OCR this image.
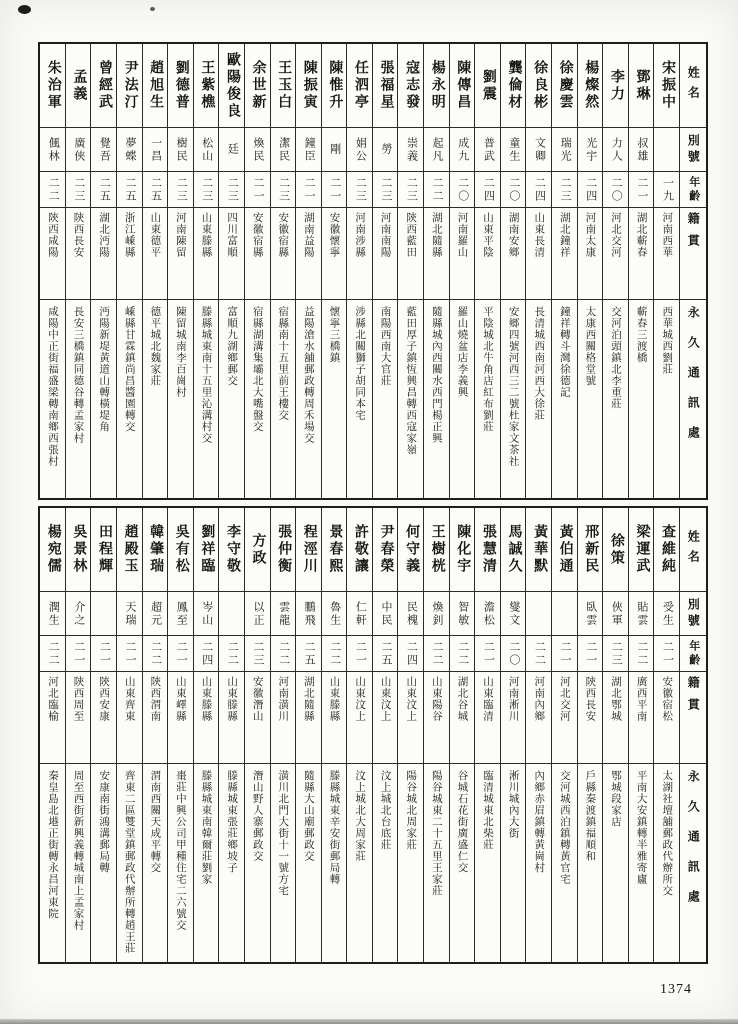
姓名
別號
年齡
籍貫
永久通訊處
宋振中
一九
河南西華
西華城西劉莊
鄧琳
叔雄
二一
湖北蘄春
蘄春三渡橋
李力
力人
二〇
河北交河
交河泊頭鎮北李重莊
楊燦然
光宇
二四
河南太康
太康西關格堂號
徐慶雲
瑞光
二三
湖北鐘祥
鐘祥轉斗灣徐德記
徐良彬
文卿
二四
山東長清
長清城西南河西大徐莊
龔倫材
童生
二〇
湖南安鄉
安鄉四號河西三二號杜家文茶社
劉震
普武
二四
山東平陰
平陰城北牛角店紅布劉莊
陳傳昌
成九
二〇
河南羅山
羅山燒盆店李義興
楊永明
起凡
二二
湖北隨縣
隨縣城內西關水西門楊正興
寇志發
崇義
二三
陝西藍田
藍田厚子鎮恆興昌轉西寇家嶺
張福星
勞
二三
河南南陽
南陽西南大官莊
任泗亭
娟公
二三
河南涉縣
涉縣北關獅子胡同本宅
陳惟升
剛
二一
安徽懷寧
懷寧三橋鎮
陳振寅
鐘臣
二一
湖南益陽
益陽滄水舖郵政轉周禾場交
王玉白
潔民
二三
安徽宿縣
宿縣南十五里前王樓交
余世新
煥民
二一
安徽宿縣
宿縣湖溝集壩北大嘴盤交
歐陽俊良
廷
二三
四川富順
富順九湖鄉郵交
王紫樵
松山
二三
山東滕縣
滕縣城東南十五里沁溝村交
劉德普
樹民
二三
河南陳留
陳留城南李百崗村
趙旭生
一昌
二五
山東德平
德平城北魏家莊
尹法汀
夢蝶
二五
浙江嵊縣
嵊縣甘霖鎮尚昌醬園轉交
曾經武
覺吾
二五
湖北沔陽
沔陽新堤黃道山轉橫堤角
孟義
廣俠
二三
陝西長安
長安三橋鎮同德谷轉孟家村
朱治軍
偑林
二二
陝西咸陽
咸陽中正街福盛梁轉南鄉西張村
姓名
別號
年齡
籍貫
永久通訊處
查維純
受生
二一
安徽宿松
太湖社壇舖郵政代辦所交
梁運武
貼雲
二二
廣西平南
平南大安鎮轉半雅寄廬
徐策
俠軍
二三
湖北鄂城
鄂城段家店
邢新民
臥雲
二一
陝西長安
戶縣秦渡鎮福順和
黃伯通
二一
河北交河
交河城西泊鎮轉黃官宅
黃華默
二二
河南內鄉
內鄉赤眉鎮轉黃崗村
馬誠久
燮文
二〇
河南淅川
淅川城內大街
張慧清
澹松
二一
山東臨清
臨清城東北柴莊
陳化宇
智敏
二二
湖北谷城
谷城石花街廣盛仁交
王樹桄
煥釗
二二
山東陽谷
陽谷城東二十五里王家莊
何守義
民槐
二四
山東汶上
陽谷城北周家莊
尹春榮
中民
二五
山東汶上
汶上城北台底莊
許敬讓
仁軒
二一
山東汶上
汶上城北大周家莊
景春熙
魯生
二二
山東滕縣
滕縣城東辛安街郵局轉
程涇川
鵬飛
二五
湖北隨縣
隨縣大山廟郵政交
張仲衡
雲龍
二二
河南潢川
潢川北門大街十一號方宅
方政
以正
二三
安徽潛山
潛山野人寨郵政交
李守敬
二二
山東滕縣
滕縣城東張莊鄉坡子
劉祥臨
岑山
二四
山東滕縣
滕縣城東南韓爾莊劉家
吳有松
鳳至
二一
山東嶧縣
棗莊中興公司甲種住宅二六號交
韓肇瑞
超元
二二
陝西渭南
渭南西關天成平轉交
趙殿玉
天瑞
二一
山東齊東
齊東二區雙堂鎮郵政代辦所轉趙王莊
田程輝
二一
陝西安康
安康南街鴻溝郵局轉
吳景林
介之
二一
陝西周至
周至西街新興義轉城南上孟家村
楊宛儒
潤生
二二
河北臨榆
秦皇島北塂正街轉永昌河東院
1374
